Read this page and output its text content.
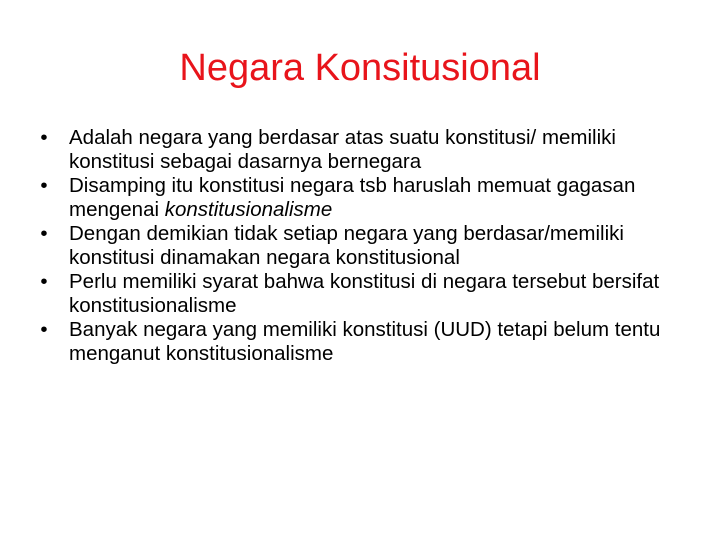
Negara Konsitusional
• Adalah negara yang berdasar atas suatu konstitusi/ memiliki konstitusi sebagai dasarnya bernegara
• Disamping itu konstitusi negara tsb haruslah memuat gagasan mengenai konstitusionalisme
• Dengan demikian tidak setiap negara yang berdasar/memiliki konstitusi dinamakan negara konstitusional
• Perlu memiliki syarat bahwa konstitusi di negara tersebut bersifat konstitusionalisme
• Banyak negara yang memiliki konstitusi (UUD) tetapi belum tentu menganut konstitusionalisme
